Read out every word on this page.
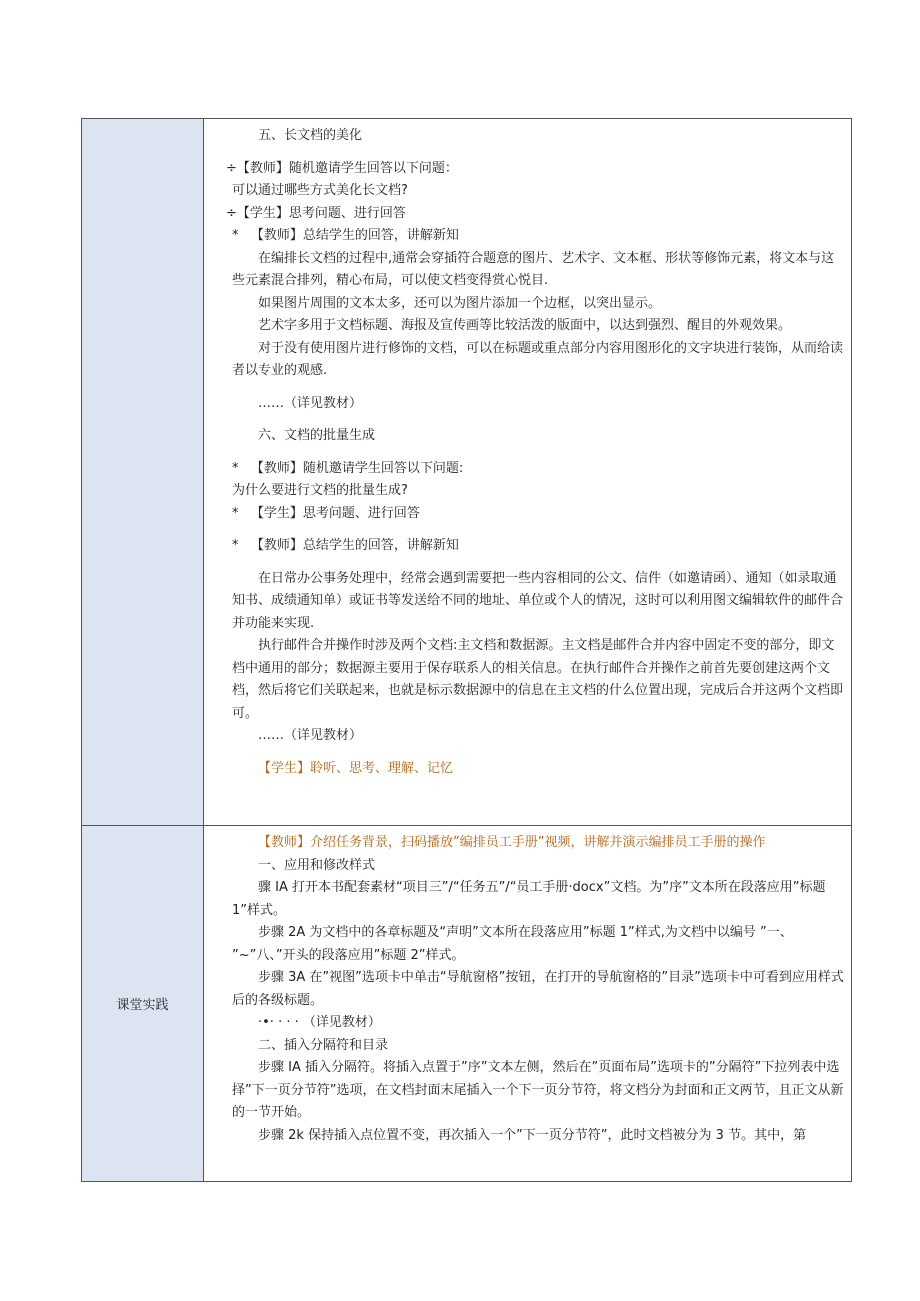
五、长文档的美化

÷【教师】随机邀请学生回答以下问题：

可以通过哪些方式美化长文档?

÷【学生】思考问题、进行回答

*   【教师】总结学生的回答，讲解新知

在编排长文档的过程中,通常会穿插符合题意的图片、艺术字、文本框、形状等修饰元素，将文本与这些元素混合排列，精心布局，可以使文档变得赏心悦目.

如果图片周围的文本太多，还可以为图片添加一个边框，以突出显示。

艺术字多用于文档标题、海报及宣传画等比较活泼的版面中，以达到强烈、醒目的外观效果。

对于没有使用图片进行修饰的文档，可以在标题或重点部分内容用图形化的文字块进行装饰，从而给读者以专业的观感.

……（详见教材）

六、文档的批量生成

*   【教师】随机邀请学生回答以下问题:

为什么要进行文档的批量生成?

*   【学生】思考问题、进行回答

*   【教师】总结学生的回答，讲解新知

在日常办公事务处理中，经常会遇到需要把一些内容相同的公文、信件（如邀请函）、通知（如录取通知书、成绩通知单）或证书等发送给不同的地址、单位或个人的情况，这时可以利用图文编辑软件的邮件合并功能来实现.

执行邮件合并操作时涉及两个文档:主文档和数据源。主文档是邮件合并内容中固定不变的部分，即文档中通用的部分；数据源主要用于保存联系人的相关信息。在执行邮件合并操作之前首先要创建这两个文档，然后将它们关联起来，也就是标示数据源中的信息在主文档的什么位置出现，完成后合并这两个文档即可。

……（详见教材）

【学生】聆听、思考、理解、记忆

课堂实践

【教师】介绍任务背景，扫码播放”编排员工手册”视频，讲解并演示编排员工手册的操作

一、应用和修改样式

骤 IA 打开本书配套素材“项目三”/“任务五”/“员工手册·docx”文档。为”序”文本所在段落应用”标题 1”样式。

步骤 2A 为文档中的各章标题及“声明”文本所在段落应用”标题 1”样式,为文档中以编号 ”一、 ”~”八、”开头的段落应用”标题 2”样式。

步骤 3A 在”视图”选项卡中单击“导航窗格”按钮，在打开的导航窗格的”目录”选项卡中可看到应用样式后的各级标题。

·•· · · · （详见教材）

二、插入分隔符和目录

步骤 IA 插入分隔符。将插入点置于”序”文本左侧，然后在”页面布局”选项卡的”分隔符”下拉列表中选择”下一页分节符”选项，在文档封面末尾插入一个下一页分节符，将文档分为封面和正文两节，且正文从新的一节开始。

步骤 2k 保持插入点位置不变，再次插入一个”下一页分节符”，此时文档被分为 3 节。其中，第
